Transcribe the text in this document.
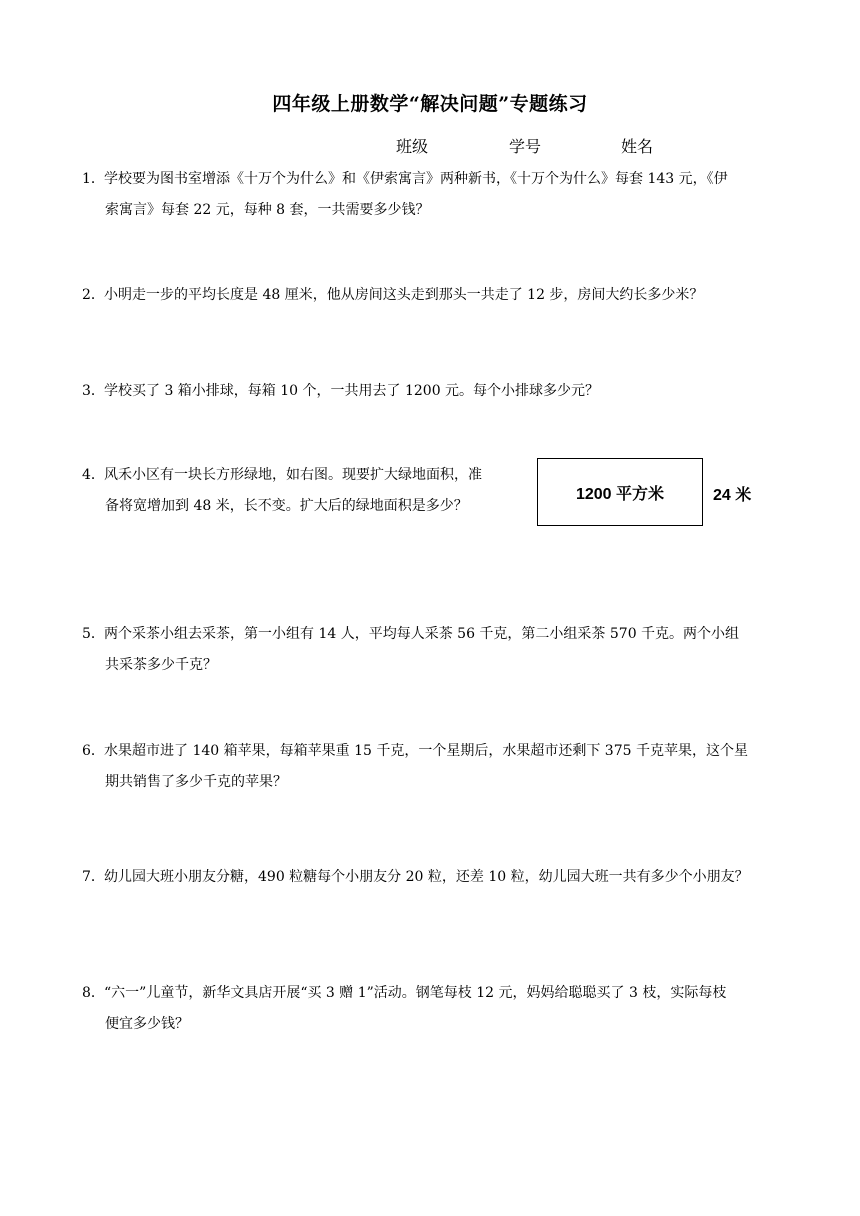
四年级上册数学“解决问题”专题练习
班级	学号	姓名
1．学校要为图书室增添《十万个为什么》和《伊索寓言》两种新书，《十万个为什么》每套 143 元，《伊
索寓言》每套 22 元，每种 8 套，一共需要多少钱？
2．小明走一步的平均长度是 48 厘米，他从房间这头走到那头一共走了 12 步，房间大约长多少米？
3．学校买了 3 箱小排球，每箱 10 个，一共用去了 1200 元。每个小排球多少元？
4．风禾小区有一块长方形绿地，如右图。现要扩大绿地面积，准
备将宽增加到 48 米，长不变。扩大后的绿地面积是多少？
1200 平方米	24 米
5．两个采茶小组去采茶，第一小组有 14 人，平均每人采茶 56 千克，第二小组采茶 570 千克。两个小组
共采茶多少千克？
6．水果超市进了 140 箱苹果，每箱苹果重 15 千克，一个星期后，水果超市还剩下 375 千克苹果，这个星
期共销售了多少千克的苹果？
7．幼儿园大班小朋友分糖，490 粒糖每个小朋友分 20 粒，还差 10 粒，幼儿园大班一共有多少个小朋友？
8．“六一”儿童节，新华文具店开展“买 3 赠 1”活动。钢笔每枝 12 元，妈妈给聪聪买了 3 枝，实际每枝
便宜多少钱？
